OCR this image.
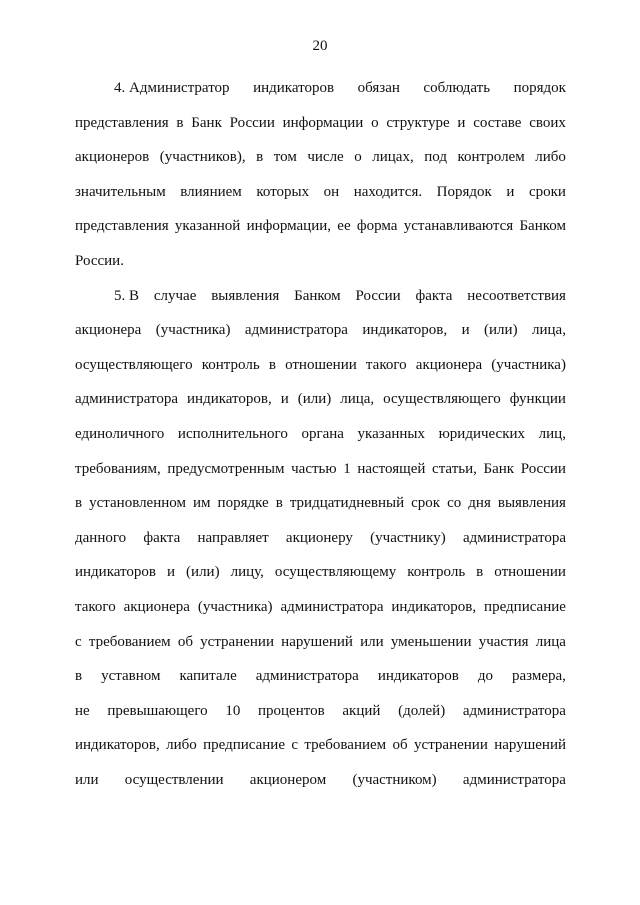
20
4. Администратор индикаторов обязан соблюдать порядок
представления в Банк России информации о структуре и составе своих
акционеров (участников), в том числе о лицах, под контролем либо
значительным влиянием которых он находится. Порядок и сроки
представления указанной информации, ее форма устанавливаются Банком
России.
5. В случае выявления Банком России факта несоответствия
акционера (участника) администратора индикаторов, и (или) лица,
осуществляющего контроль в отношении такого акционера (участника)
администратора индикаторов, и (или) лица, осуществляющего функции
единоличного исполнительного органа указанных юридических лиц,
требованиям, предусмотренным частью 1 настоящей статьи, Банк России
в установленном им порядке в тридцатидневный срок со дня выявления
данного факта направляет акционеру (участнику) администратора
индикаторов и (или) лицу, осуществляющему контроль в отношении
такого акционера (участника) администратора индикаторов, предписание
с требованием об устранении нарушений или уменьшении участия лица
в уставном капитале администратора индикаторов до размера,
не превышающего 10 процентов акций (долей) администратора
индикаторов, либо предписание с требованием об устранении нарушений
или осуществлении акционером (участником) администратора
